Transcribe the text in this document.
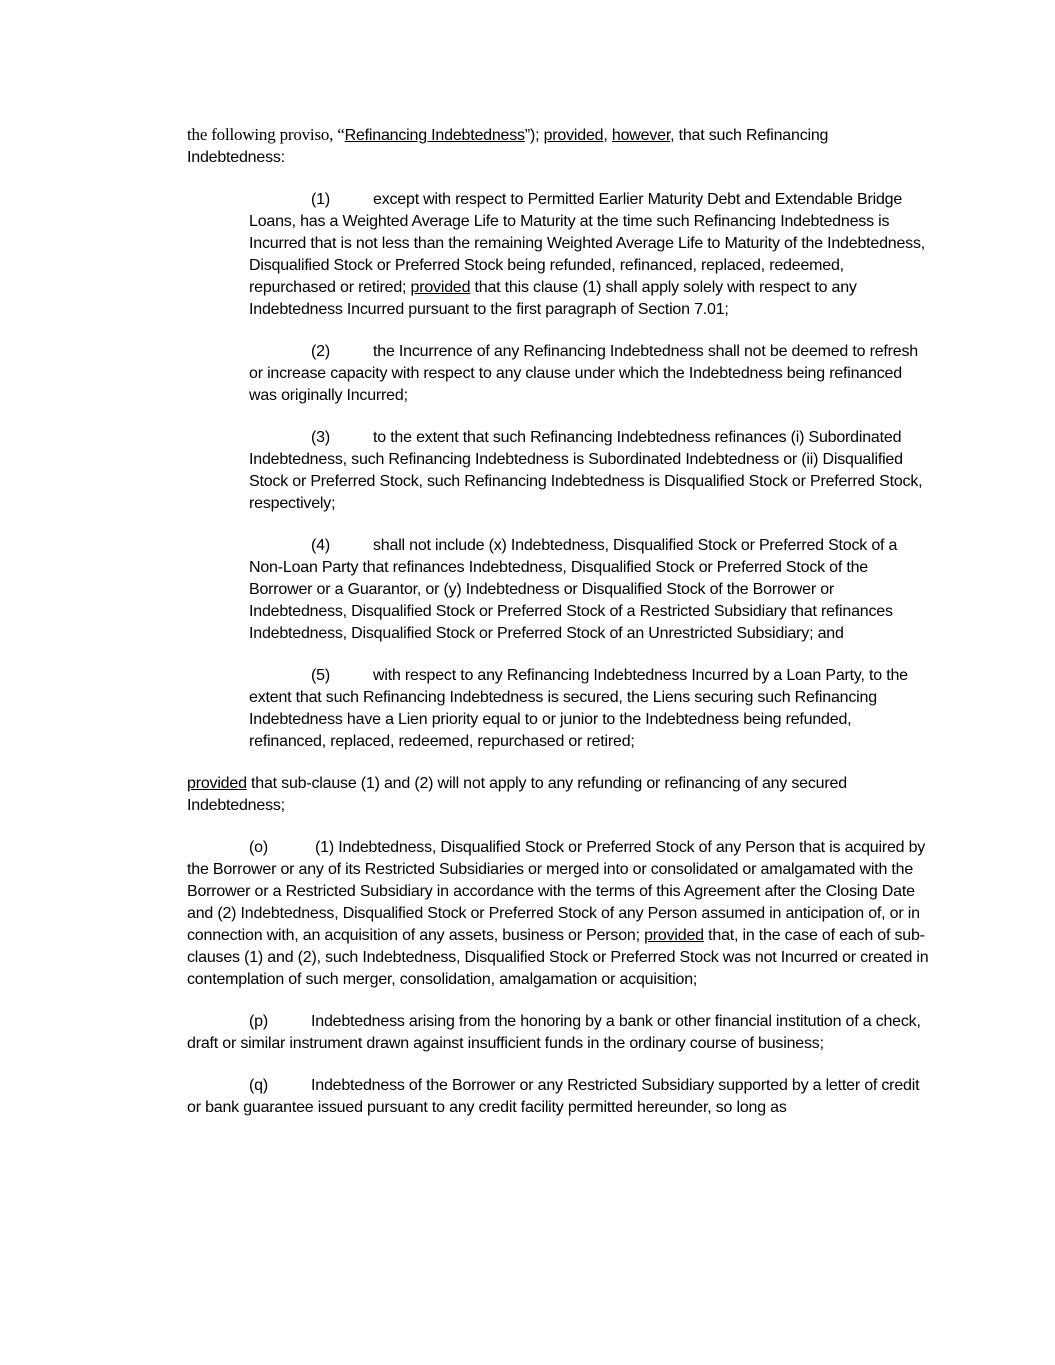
the following proviso, “Refinancing Indebtedness”); provided, however, that such Refinancing Indebtedness:

(1)	except with respect to Permitted Earlier Maturity Debt and Extendable Bridge Loans, has a Weighted Average Life to Maturity at the time such Refinancing Indebtedness is Incurred that is not less than the remaining Weighted Average Life to Maturity of the Indebtedness, Disqualified Stock or Preferred Stock being refunded, refinanced, replaced, redeemed, repurchased or retired; provided that this clause (1) shall apply solely with respect to any Indebtedness Incurred pursuant to the first paragraph of Section 7.01;

(2)	the Incurrence of any Refinancing Indebtedness shall not be deemed to refresh or increase capacity with respect to any clause under which the Indebtedness being refinanced was originally Incurred;

(3)	to the extent that such Refinancing Indebtedness refinances (i) Subordinated Indebtedness, such Refinancing Indebtedness is Subordinated Indebtedness or (ii) Disqualified Stock or Preferred Stock, such Refinancing Indebtedness is Disqualified Stock or Preferred Stock, respectively;

(4)	shall not include (x) Indebtedness, Disqualified Stock or Preferred Stock of a Non-Loan Party that refinances Indebtedness, Disqualified Stock or Preferred Stock of the Borrower or a Guarantor, or (y) Indebtedness or Disqualified Stock of the Borrower or Indebtedness, Disqualified Stock or Preferred Stock of a Restricted Subsidiary that refinances Indebtedness, Disqualified Stock or Preferred Stock of an Unrestricted Subsidiary; and

(5)	with respect to any Refinancing Indebtedness Incurred by a Loan Party, to the extent that such Refinancing Indebtedness is secured, the Liens securing such Refinancing Indebtedness have a Lien priority equal to or junior to the Indebtedness being refunded, refinanced, replaced, redeemed, repurchased or retired;

provided that sub-clause (1) and (2) will not apply to any refunding or refinancing of any secured Indebtedness;

(o)	(1) Indebtedness, Disqualified Stock or Preferred Stock of any Person that is acquired by the Borrower or any of its Restricted Subsidiaries or merged into or consolidated or amalgamated with the Borrower or a Restricted Subsidiary in accordance with the terms of this Agreement after the Closing Date and (2) Indebtedness, Disqualified Stock or Preferred Stock of any Person assumed in anticipation of, or in connection with, an acquisition of any assets, business or Person; provided that, in the case of each of sub-clauses (1) and (2), such Indebtedness, Disqualified Stock or Preferred Stock was not Incurred or created in contemplation of such merger, consolidation, amalgamation or acquisition;

(p)	Indebtedness arising from the honoring by a bank or other financial institution of a check, draft or similar instrument drawn against insufficient funds in the ordinary course of business;

(q)	Indebtedness of the Borrower or any Restricted Subsidiary supported by a letter of credit or bank guarantee issued pursuant to any credit facility permitted hereunder, so long as
